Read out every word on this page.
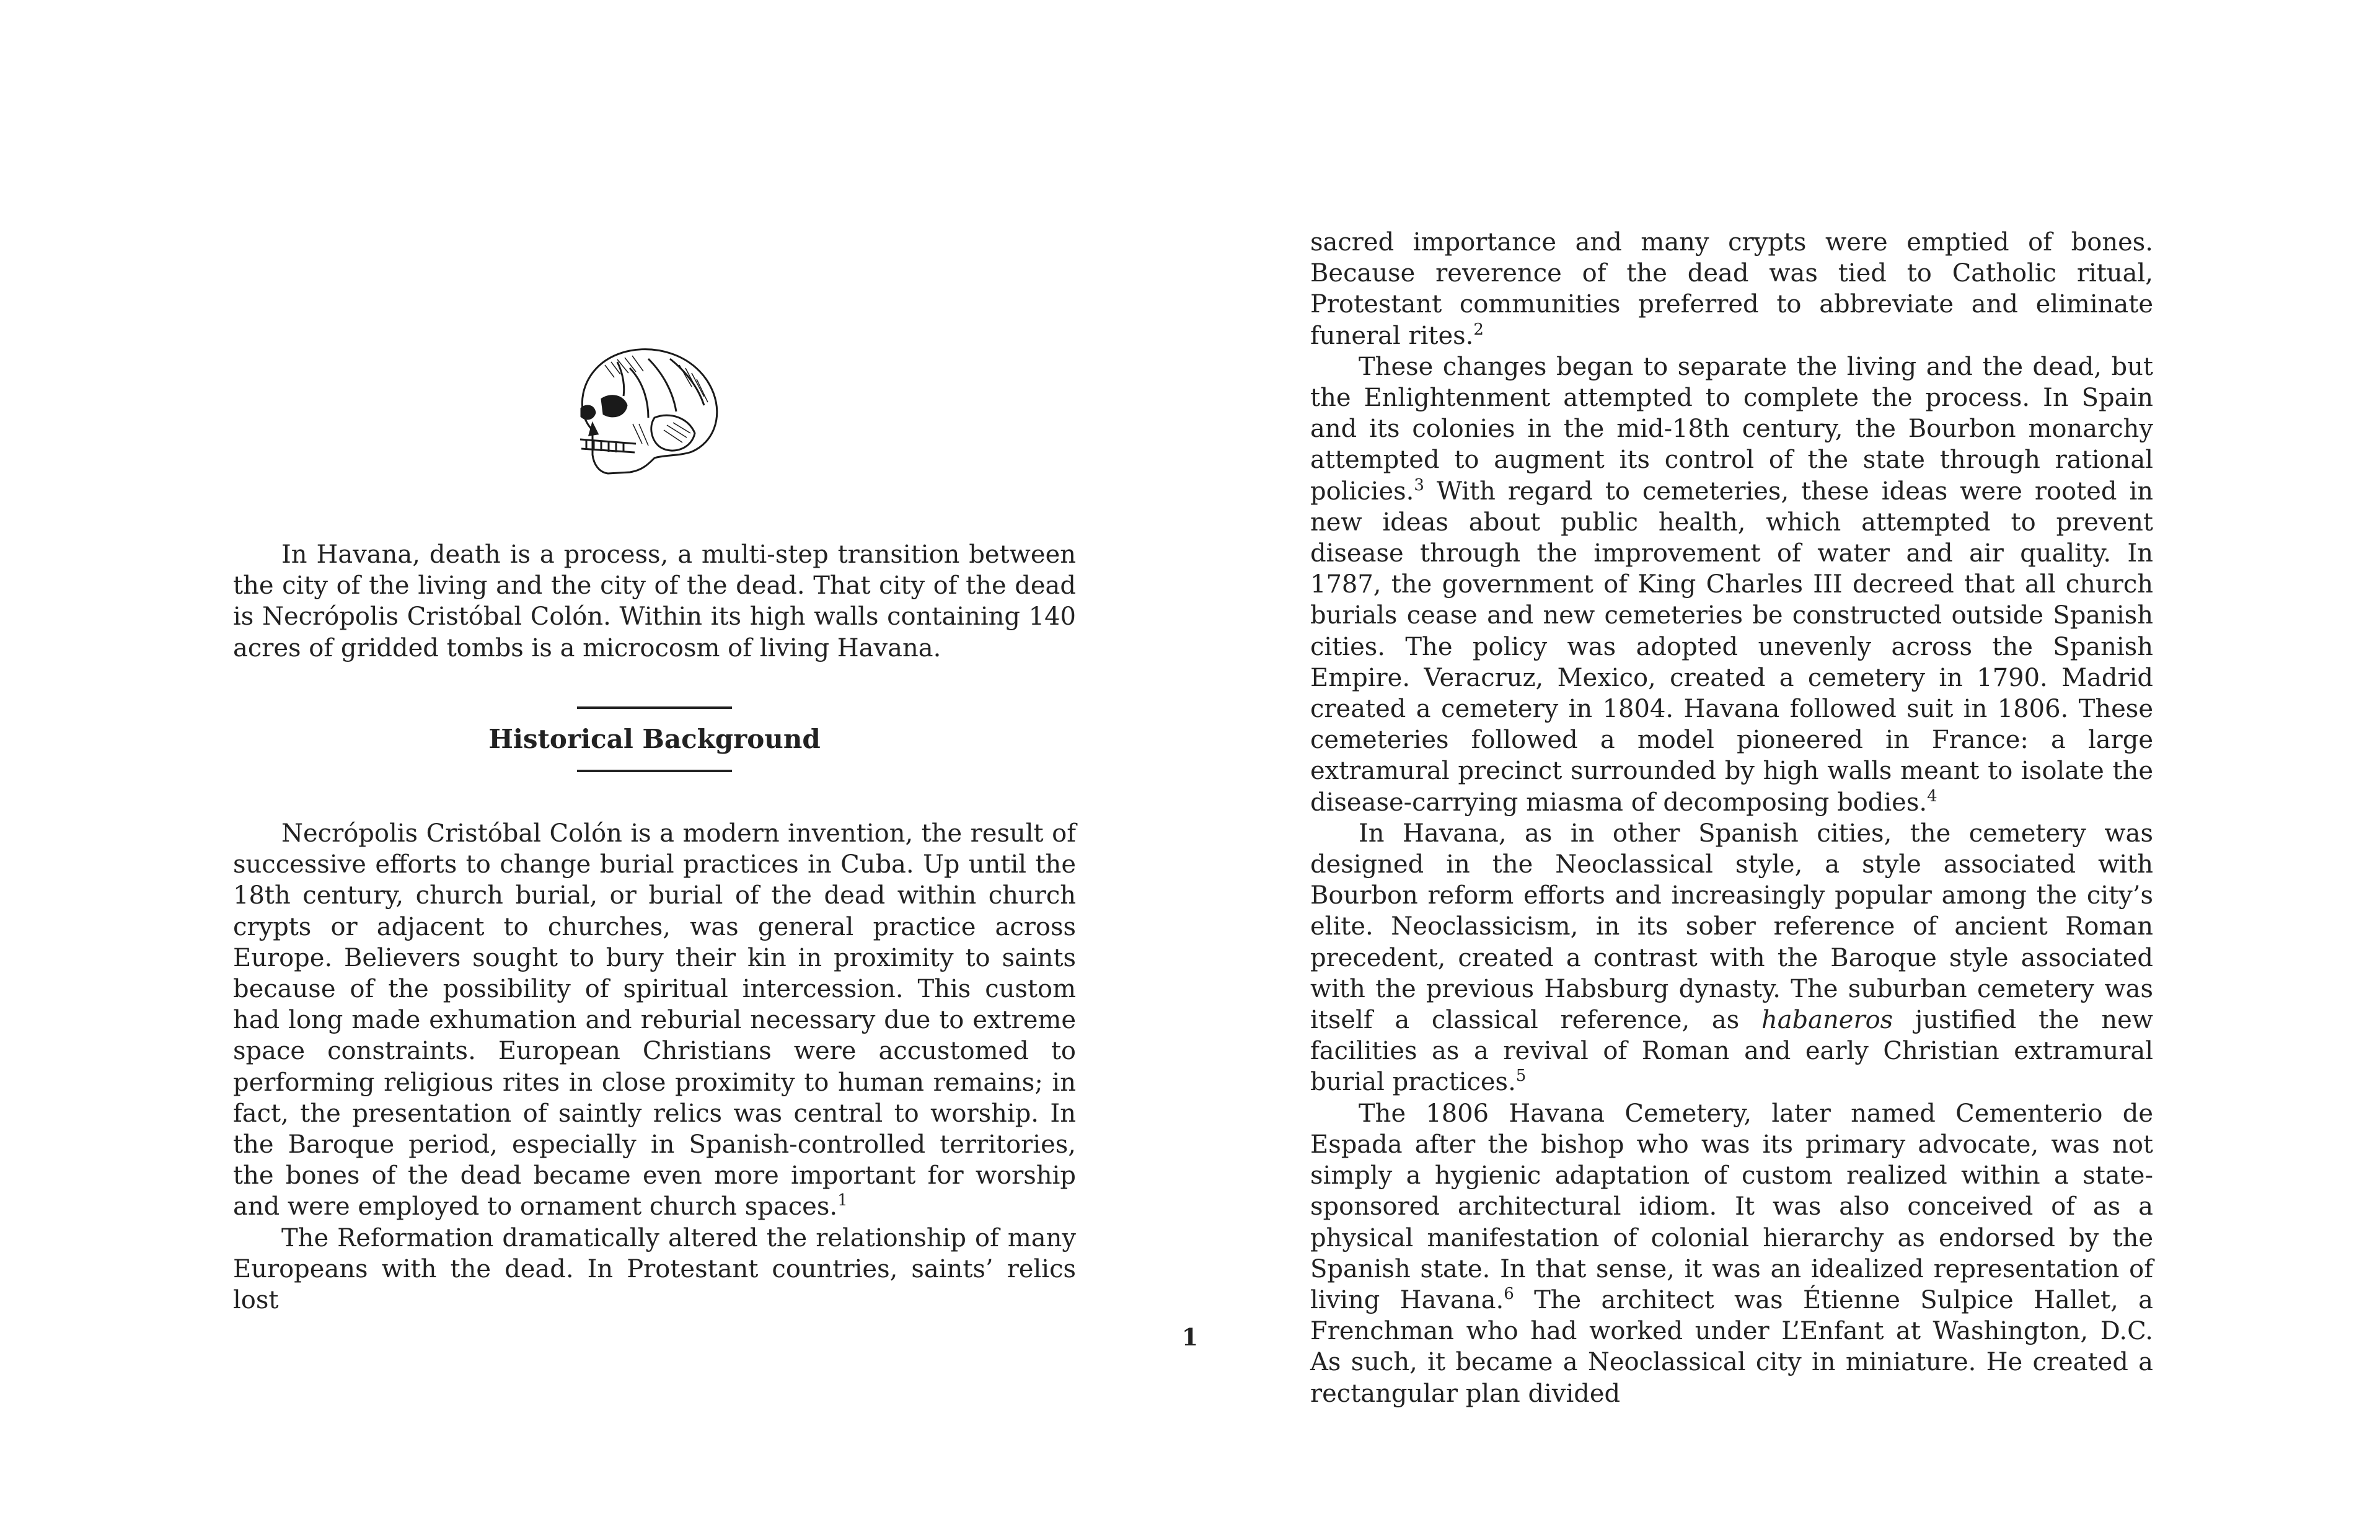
In Havana, death is a process, a multi-step transition between the city of the living and the city of the dead. That city of the dead is Necrópolis Cristóbal Colón. Within its high walls containing 140 acres of gridded tombs is a microcosm of living Havana.

Historical Background

Necrópolis Cristóbal Colón is a modern invention, the result of successive efforts to change burial practices in Cuba. Up until the 18th century, church burial, or burial of the dead within church crypts or adjacent to churches, was general practice across Europe. Believers sought to bury their kin in proximity to saints because of the possibility of spiritual intercession. This custom had long made exhumation and reburial necessary due to extreme space constraints. European Christians were accustomed to performing religious rites in close proximity to human remains; in fact, the presentation of saintly relics was central to worship. In the Baroque period, especially in Spanish-controlled territories, the bones of the dead became even more important for worship and were employed to ornament church spaces.$^1$

The Reformation dramatically altered the relationship of many Europeans with the dead. In Protestant countries, saints’ relics lost

sacred importance and many crypts were emptied of bones. Because reverence of the dead was tied to Catholic ritual, Protestant communities preferred to abbreviate and eliminate funeral rites.$^2$

These changes began to separate the living and the dead, but the Enlightenment attempted to complete the process. In Spain and its colonies in the mid-18th century, the Bourbon monarchy attempted to augment its control of the state through rational policies.$^3$ With regard to cemeteries, these ideas were rooted in new ideas about public health, which attempted to prevent disease through the improvement of water and air quality. In 1787, the government of King Charles III decreed that all church burials cease and new cemeteries be constructed outside Spanish cities. The policy was adopted unevenly across the Spanish Empire. Veracruz, Mexico, created a cemetery in 1790. Madrid created a cemetery in 1804. Havana followed suit in 1806. These cemeteries followed a model pioneered in France: a large extramural precinct surrounded by high walls meant to isolate the disease-carrying miasma of decomposing bodies.$^4$

In Havana, as in other Spanish cities, the cemetery was designed in the Neoclassical style, a style associated with Bourbon reform efforts and increasingly popular among the city’s elite. Neoclassicism, in its sober reference of ancient Roman precedent, created a contrast with the Baroque style associated with the previous Habsburg dynasty. The suburban cemetery was itself a classical reference, as habaneros justified the new facilities as a revival of Roman and early Christian extramural burial practices.$^5$

The 1806 Havana Cemetery, later named Cementerio de Espada after the bishop who was its primary advocate, was not simply a hygienic adaptation of custom realized within a state-sponsored architectural idiom. It was also conceived of as a physical manifestation of colonial hierarchy as endorsed by the Spanish state. In that sense, it was an idealized representation of living Havana.$^6$ The architect was Étienne Sulpice Hallet, a Frenchman who had worked under L’Enfant at Washington, D.C. As such, it became a Neoclassical city in miniature. He created a rectangular plan divided

1
